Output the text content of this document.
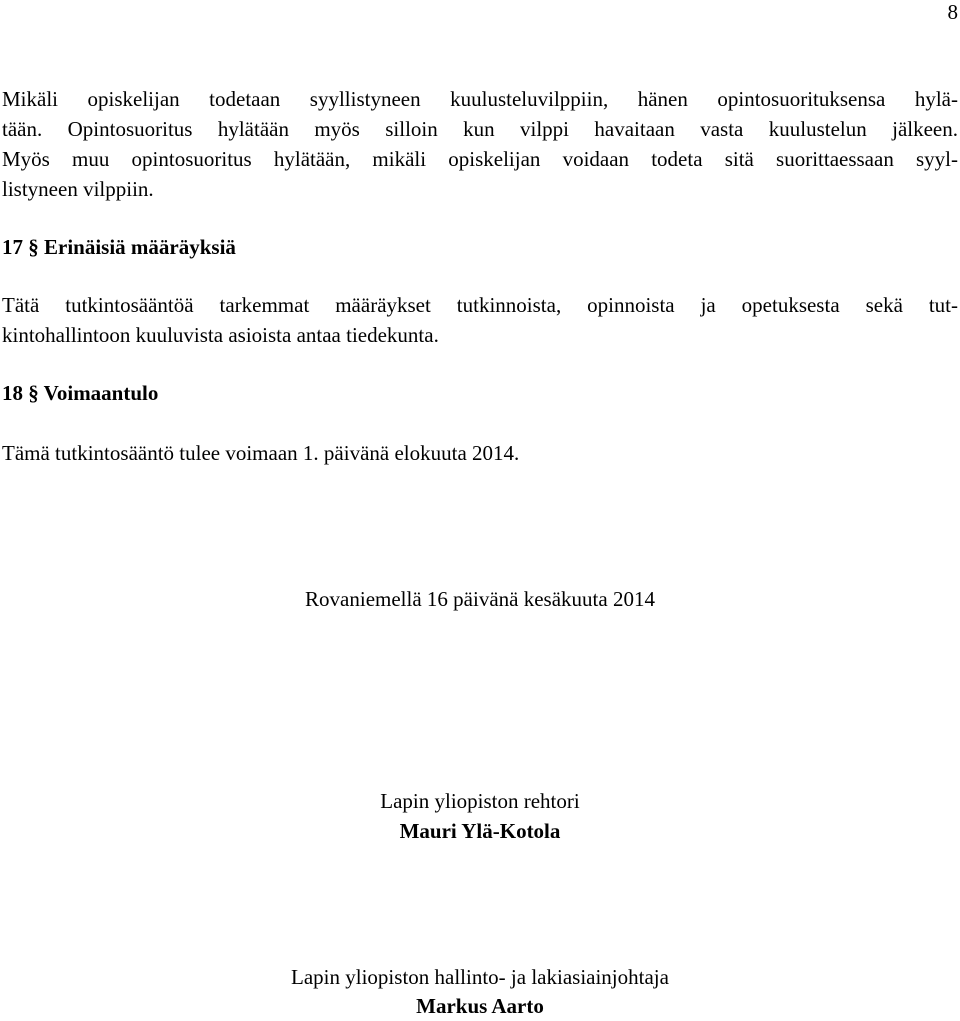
8
Mikäli opiskelijan todetaan syyllistyneen kuulusteluvilppiin, hänen opintosuorituksensa hylä-
tään. Opintosuoritus hylätään myös silloin kun vilppi havaitaan vasta kuulustelun jälkeen.
Myös muu opintosuoritus hylätään, mikäli opiskelijan voidaan todeta sitä suorittaessaan syyl-
listyneen vilppiin.
17 § Erinäisiä määräyksiä
Tätä tutkintosääntöä tarkemmat määräykset tutkinnoista, opinnoista ja opetuksesta sekä tut-
kintohallintoon kuuluvista asioista antaa tiedekunta.
18 § Voimaantulo
Tämä tutkintosääntö tulee voimaan 1. päivänä elokuuta 2014.

Rovaniemellä 16 päivänä kesäkuuta 2014

Lapin yliopiston rehtori

Mauri Ylä-Kotola

Lapin yliopiston hallinto- ja lakiasiainjohtaja

Markus Aarto
